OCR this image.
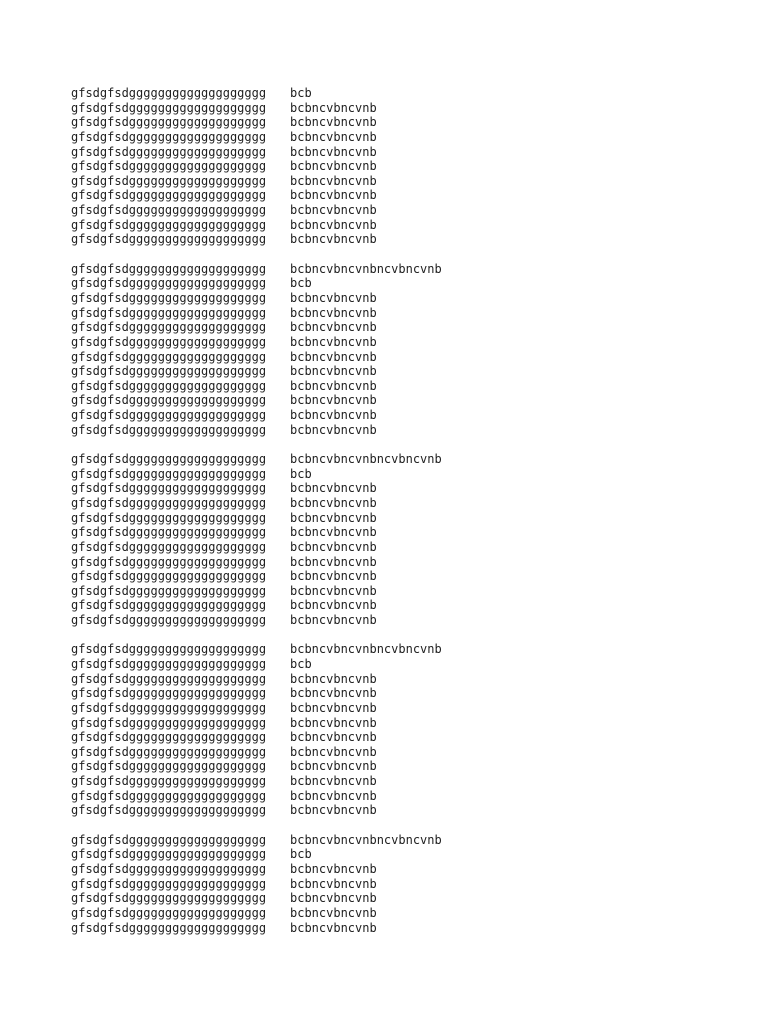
gfsdgfsdggggggggggggggggggg	bcb
gfsdgfsdggggggggggggggggggg	bcbncvbncvnb
gfsdgfsdggggggggggggggggggg	bcbncvbncvnb
gfsdgfsdggggggggggggggggggg	bcbncvbncvnb
gfsdgfsdggggggggggggggggggg	bcbncvbncvnb
gfsdgfsdggggggggggggggggggg	bcbncvbncvnb
gfsdgfsdggggggggggggggggggg	bcbncvbncvnb
gfsdgfsdggggggggggggggggggg	bcbncvbncvnb
gfsdgfsdggggggggggggggggggg	bcbncvbncvnb
gfsdgfsdggggggggggggggggggg	bcbncvbncvnb
gfsdgfsdggggggggggggggggggg	bcbncvbncvnb
gfsdgfsdggggggggggggggggggg	bcbncvbncvnbncvbncvnb
gfsdgfsdggggggggggggggggggg	bcb
gfsdgfsdggggggggggggggggggg	bcbncvbncvnb
gfsdgfsdggggggggggggggggggg	bcbncvbncvnb
gfsdgfsdggggggggggggggggggg	bcbncvbncvnb
gfsdgfsdggggggggggggggggggg	bcbncvbncvnb
gfsdgfsdggggggggggggggggggg	bcbncvbncvnb
gfsdgfsdggggggggggggggggggg	bcbncvbncvnb
gfsdgfsdggggggggggggggggggg	bcbncvbncvnb
gfsdgfsdggggggggggggggggggg	bcbncvbncvnb
gfsdgfsdggggggggggggggggggg	bcbncvbncvnb
gfsdgfsdggggggggggggggggggg	bcbncvbncvnb
gfsdgfsdggggggggggggggggggg	bcbncvbncvnbncvbncvnb
gfsdgfsdggggggggggggggggggg	bcb
gfsdgfsdggggggggggggggggggg	bcbncvbncvnb
gfsdgfsdggggggggggggggggggg	bcbncvbncvnb
gfsdgfsdggggggggggggggggggg	bcbncvbncvnb
gfsdgfsdggggggggggggggggggg	bcbncvbncvnb
gfsdgfsdggggggggggggggggggg	bcbncvbncvnb
gfsdgfsdggggggggggggggggggg	bcbncvbncvnb
gfsdgfsdggggggggggggggggggg	bcbncvbncvnb
gfsdgfsdggggggggggggggggggg	bcbncvbncvnb
gfsdgfsdggggggggggggggggggg	bcbncvbncvnb
gfsdgfsdggggggggggggggggggg	bcbncvbncvnb
gfsdgfsdggggggggggggggggggg	bcbncvbncvnbncvbncvnb
gfsdgfsdggggggggggggggggggg	bcb
gfsdgfsdggggggggggggggggggg	bcbncvbncvnb
gfsdgfsdggggggggggggggggggg	bcbncvbncvnb
gfsdgfsdggggggggggggggggggg	bcbncvbncvnb
gfsdgfsdggggggggggggggggggg	bcbncvbncvnb
gfsdgfsdggggggggggggggggggg	bcbncvbncvnb
gfsdgfsdggggggggggggggggggg	bcbncvbncvnb
gfsdgfsdggggggggggggggggggg	bcbncvbncvnb
gfsdgfsdggggggggggggggggggg	bcbncvbncvnb
gfsdgfsdggggggggggggggggggg	bcbncvbncvnb
gfsdgfsdggggggggggggggggggg	bcbncvbncvnb
gfsdgfsdggggggggggggggggggg	bcbncvbncvnbncvbncvnb
gfsdgfsdggggggggggggggggggg	bcb
gfsdgfsdggggggggggggggggggg	bcbncvbncvnb
gfsdgfsdggggggggggggggggggg	bcbncvbncvnb
gfsdgfsdggggggggggggggggggg	bcbncvbncvnb
gfsdgfsdggggggggggggggggggg	bcbncvbncvnb
gfsdgfsdggggggggggggggggggg	bcbncvbncvnb
